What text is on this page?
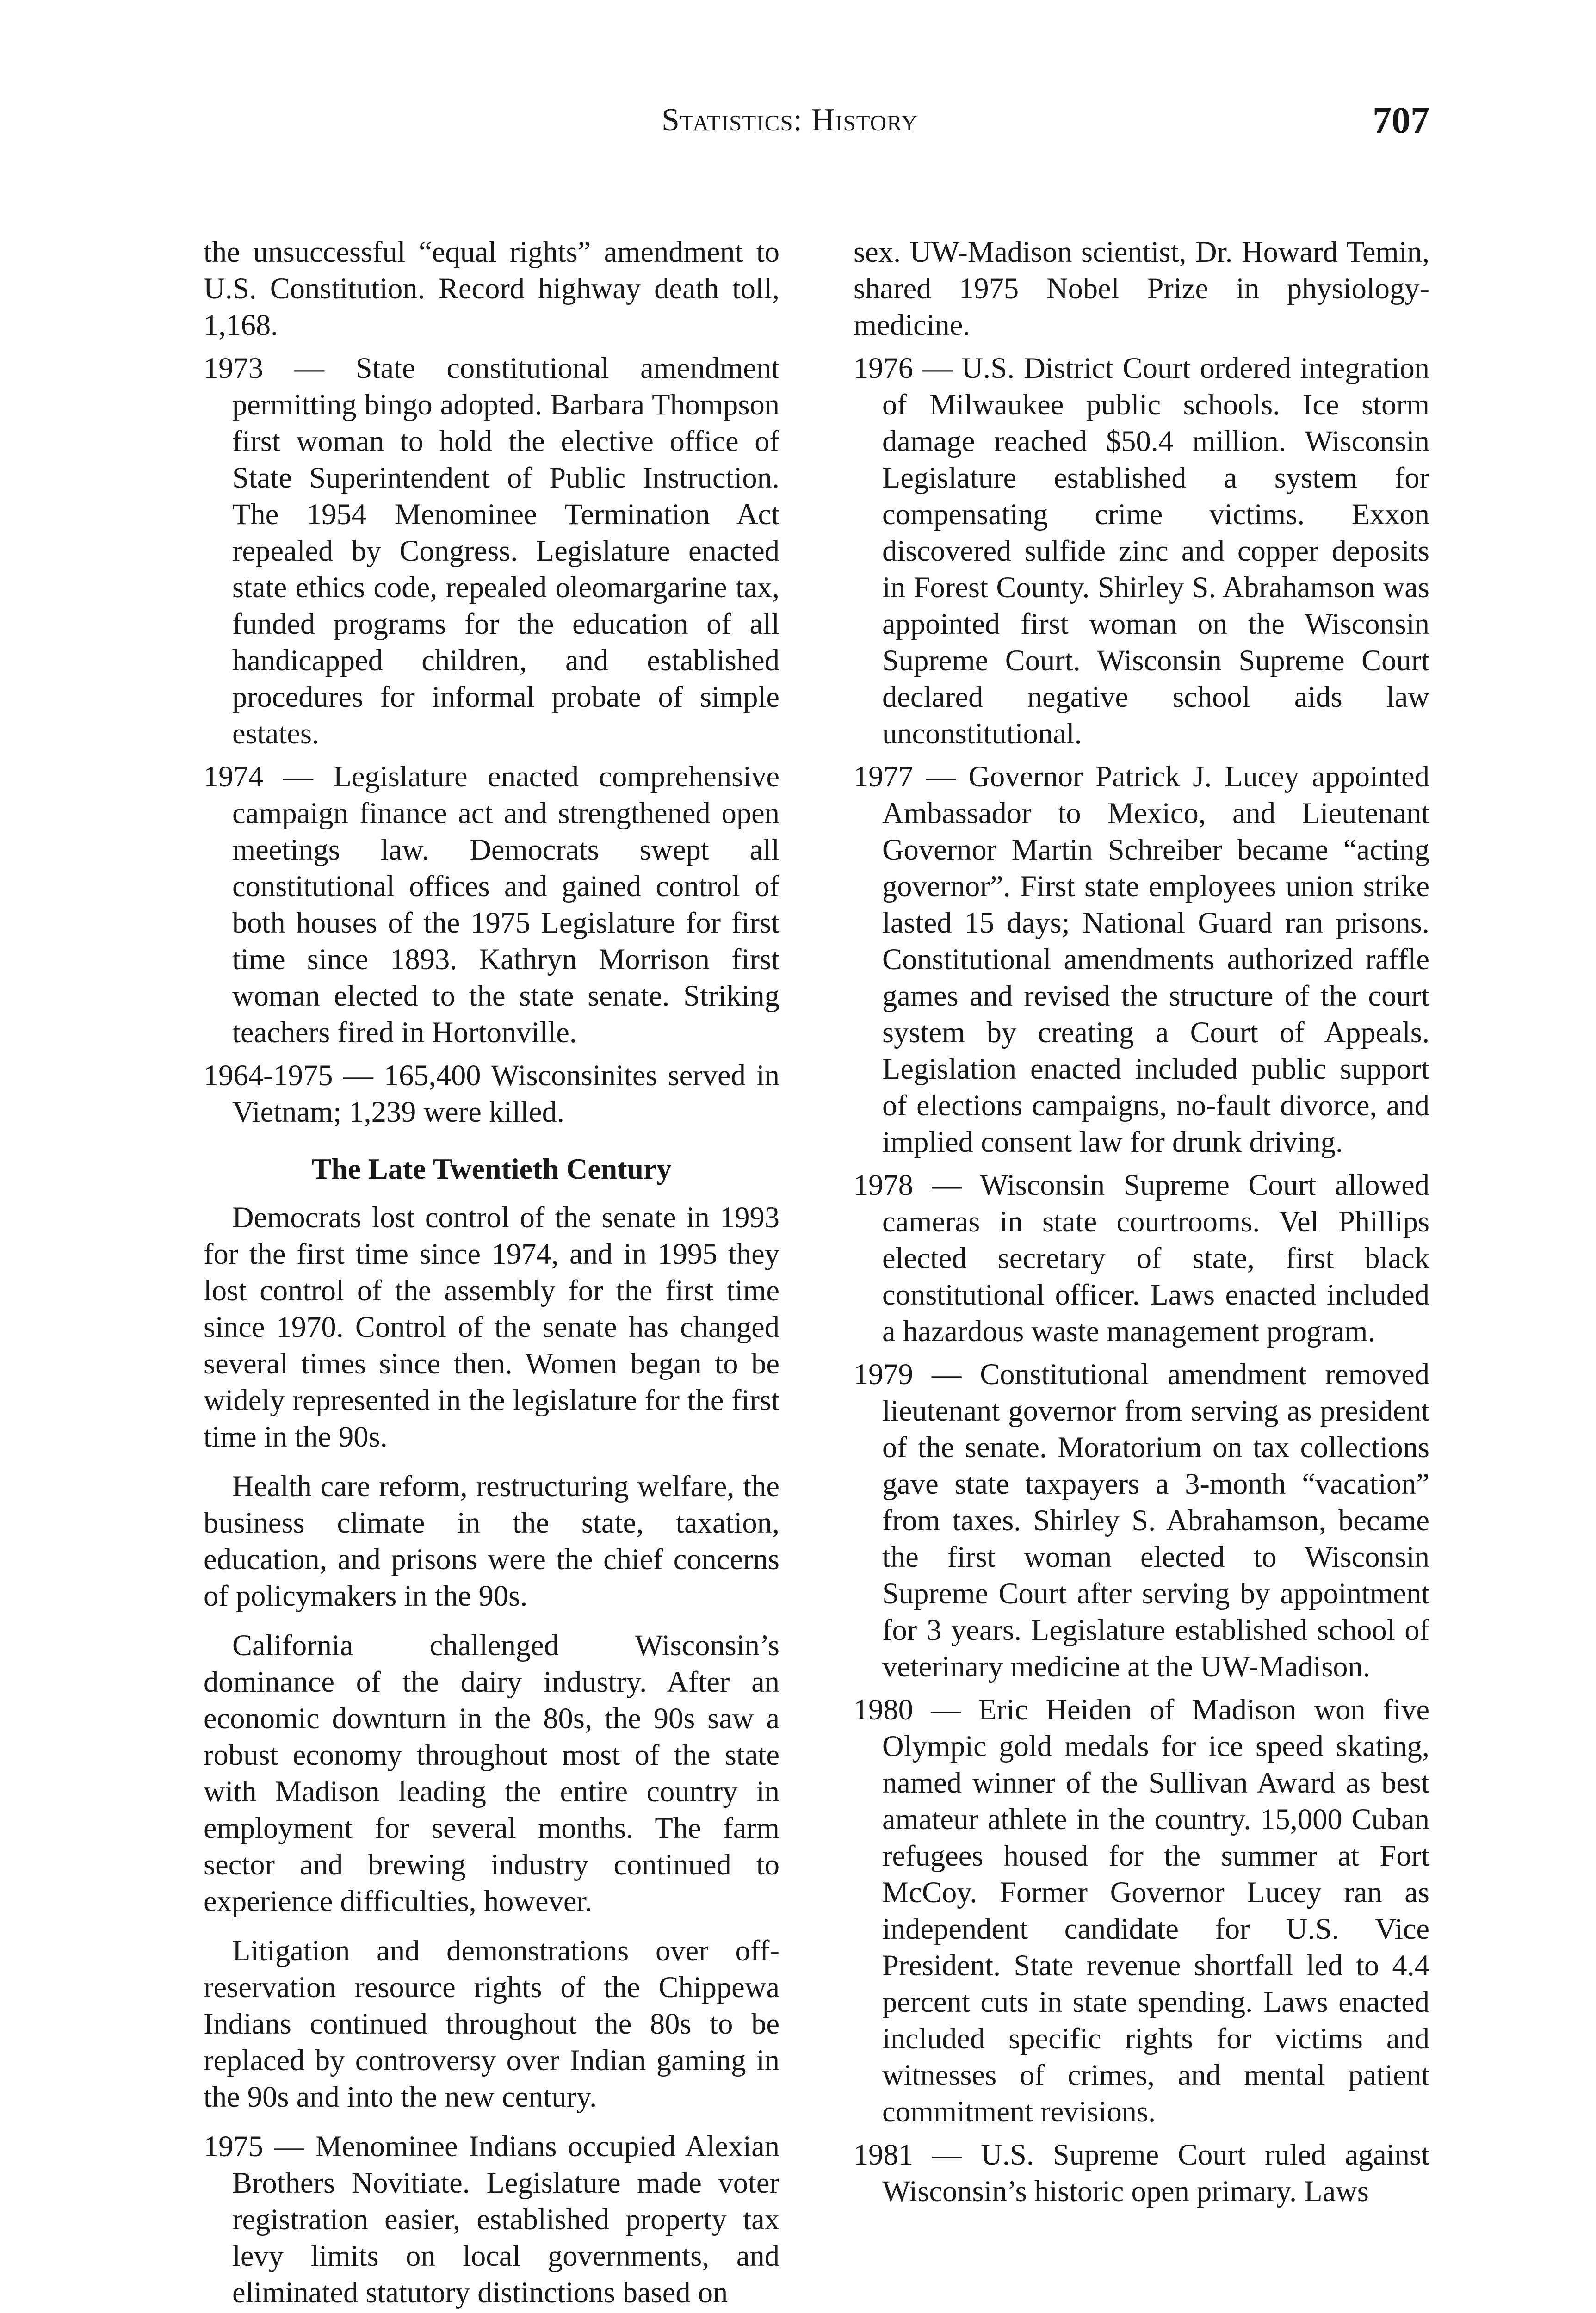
Statistics: History	707

the unsuccessful “equal rights” amendment to U.S. Constitution. Record highway death toll, 1,168.

1973 — State constitutional amendment permitting bingo adopted. Barbara Thompson first woman to hold the elective office of State Superintendent of Public Instruction. The 1954 Menominee Termination Act repealed by Congress. Legislature enacted state ethics code, repealed oleomargarine tax, funded programs for the education of all handicapped children, and established procedures for informal probate of simple estates.

1974 — Legislature enacted comprehensive campaign finance act and strengthened open meetings law. Democrats swept all constitutional offices and gained control of both houses of the 1975 Legislature for first time since 1893. Kathryn Morrison first woman elected to the state senate. Striking teachers fired in Hortonville.

1964-1975 — 165,400 Wisconsinites served in Vietnam; 1,239 were killed.

The Late Twentieth Century

Democrats lost control of the senate in 1993 for the first time since 1974, and in 1995 they lost control of the assembly for the first time since 1970. Control of the senate has changed several times since then. Women began to be widely represented in the legislature for the first time in the 90s.

Health care reform, restructuring welfare, the business climate in the state, taxation, education, and prisons were the chief concerns of policymakers in the 90s.

California challenged Wisconsin’s dominance of the dairy industry. After an economic downturn in the 80s, the 90s saw a robust economy throughout most of the state with Madison leading the entire country in employment for several months. The farm sector and brewing industry continued to experience difficulties, however.

Litigation and demonstrations over off-reservation resource rights of the Chippewa Indians continued throughout the 80s to be replaced by controversy over Indian gaming in the 90s and into the new century.

1975 — Menominee Indians occupied Alexian Brothers Novitiate. Legislature made voter registration easier, established property tax levy limits on local governments, and eliminated statutory distinctions based on

sex. UW-Madison scientist, Dr. Howard Temin, shared 1975 Nobel Prize in physiology-medicine.

1976 — U.S. District Court ordered integration of Milwaukee public schools. Ice storm damage reached $50.4 million. Wisconsin Legislature established a system for compensating crime victims. Exxon discovered sulfide zinc and copper deposits in Forest County. Shirley S. Abrahamson was appointed first woman on the Wisconsin Supreme Court. Wisconsin Supreme Court declared negative school aids law unconstitutional.

1977 — Governor Patrick J. Lucey appointed Ambassador to Mexico, and Lieutenant Governor Martin Schreiber became “acting governor”. First state employees union strike lasted 15 days; National Guard ran prisons. Constitutional amendments authorized raffle games and revised the structure of the court system by creating a Court of Appeals. Legislation enacted included public support of elections campaigns, no-fault divorce, and implied consent law for drunk driving.

1978 — Wisconsin Supreme Court allowed cameras in state courtrooms. Vel Phillips elected secretary of state, first black constitutional officer. Laws enacted included a hazardous waste management program.

1979 — Constitutional amendment removed lieutenant governor from serving as president of the senate. Moratorium on tax collections gave state taxpayers a 3-month “vacation” from taxes. Shirley S. Abrahamson, became the first woman elected to Wisconsin Supreme Court after serving by appointment for 3 years. Legislature established school of veterinary medicine at the UW-Madison.

1980 — Eric Heiden of Madison won five Olympic gold medals for ice speed skating, named winner of the Sullivan Award as best amateur athlete in the country. 15,000 Cuban refugees housed for the summer at Fort McCoy. Former Governor Lucey ran as independent candidate for U.S. Vice President. State revenue shortfall led to 4.4 percent cuts in state spending. Laws enacted included specific rights for victims and witnesses of crimes, and mental patient commitment revisions.

1981 — U.S. Supreme Court ruled against Wisconsin’s historic open primary. Laws
